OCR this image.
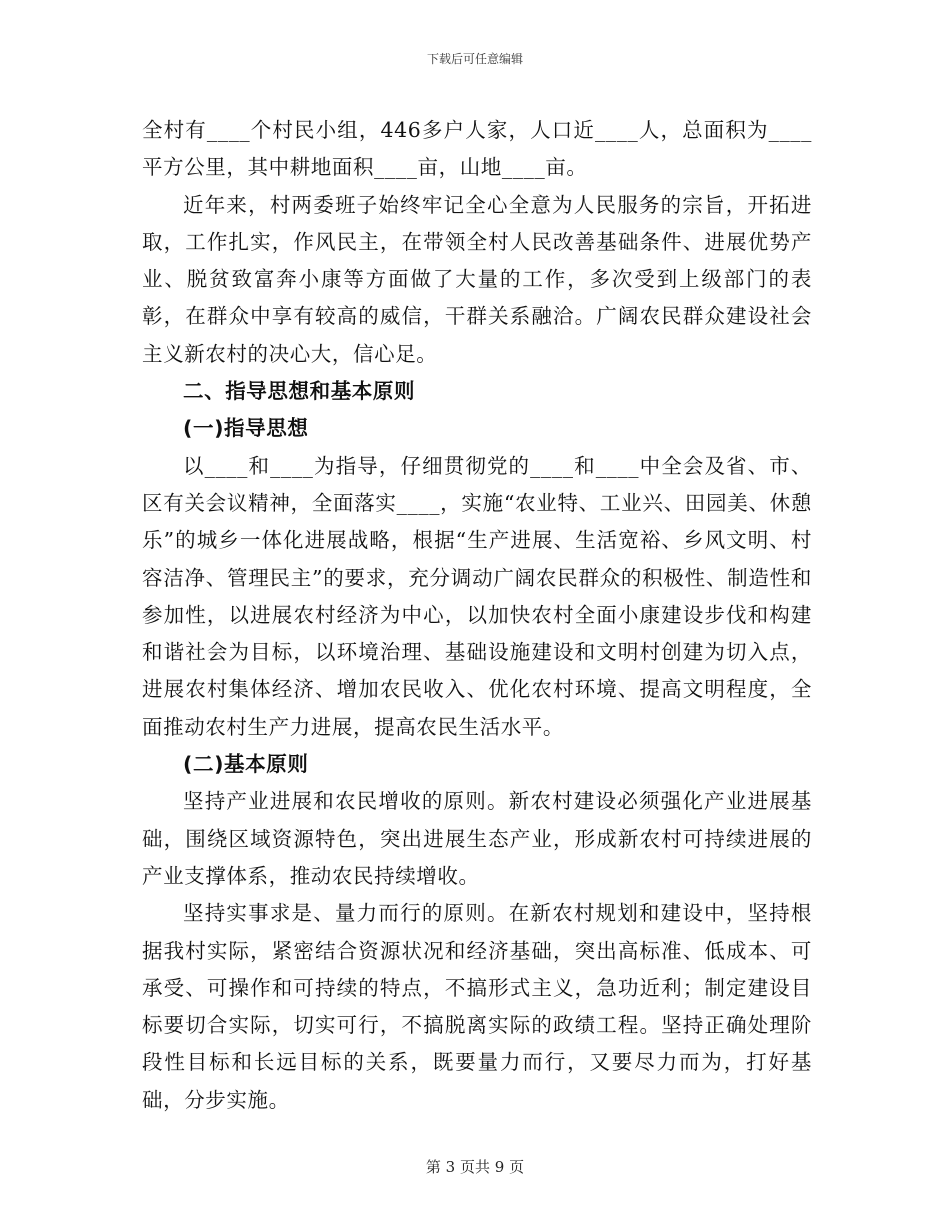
下载后可任意编辑

全村有____个村民小组，446多户人家，人口近____人，总面积为____平方公里，其中耕地面积____亩，山地____亩。

近年来，村两委班子始终牢记全心全意为人民服务的宗旨，开拓进取，工作扎实，作风民主，在带领全村人民改善基础条件、进展优势产业、脱贫致富奔小康等方面做了大量的工作，多次受到上级部门的表彰，在群众中享有较高的威信，干群关系融洽。广阔农民群众建设社会主义新农村的决心大，信心足。

二、指导思想和基本原则

(一)指导思想

以____和____为指导，仔细贯彻党的____和____中全会及省、市、区有关会议精神，全面落实____，实施“农业特、工业兴、田园美、休憩乐”的城乡一体化进展战略，根据“生产进展、生活宽裕、乡风文明、村容洁净、管理民主”的要求，充分调动广阔农民群众的积极性、制造性和参加性，以进展农村经济为中心，以加快农村全面小康建设步伐和构建和谐社会为目标，以环境治理、基础设施建设和文明村创建为切入点，进展农村集体经济、增加农民收入、优化农村环境、提高文明程度，全面推动农村生产力进展，提高农民生活水平。

(二)基本原则

坚持产业进展和农民增收的原则。新农村建设必须强化产业进展基础，围绕区域资源特色，突出进展生态产业，形成新农村可持续进展的产业支撑体系，推动农民持续增收。

坚持实事求是、量力而行的原则。在新农村规划和建设中，坚持根据我村实际，紧密结合资源状况和经济基础，突出高标准、低成本、可承受、可操作和可持续的特点，不搞形式主义，急功近利；制定建设目标要切合实际，切实可行，不搞脱离实际的政绩工程。坚持正确处理阶段性目标和长远目标的关系，既要量力而行，又要尽力而为，打好基础，分步实施。

第 3 页共 9 页
